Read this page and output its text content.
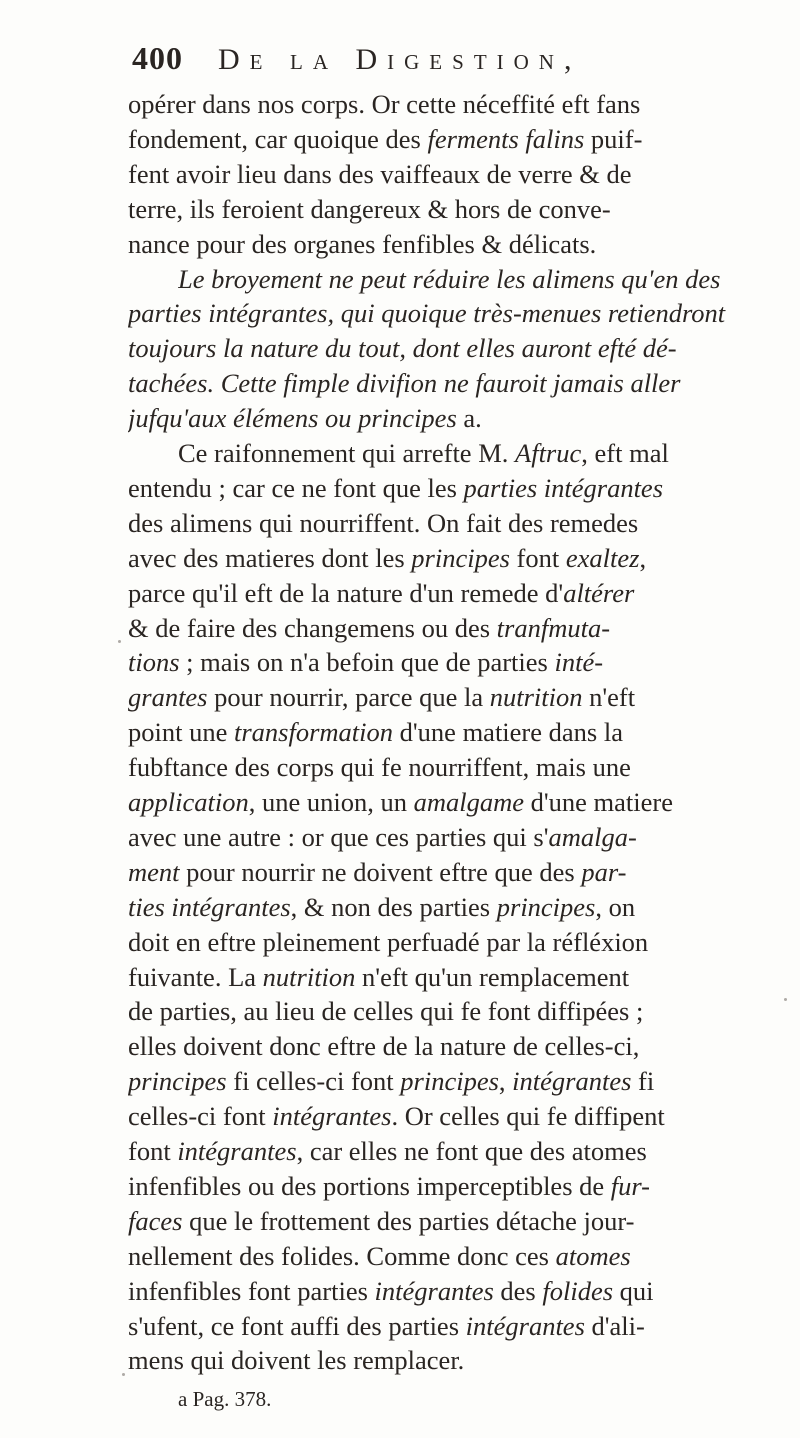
400 De la Digestion,
opérer dans nos corps. Or cette néceffité eft fans
fondement, car quoique des ferments falins puif-
fent avoir lieu dans des vaiffeaux de verre & de
terre, ils feroient dangereux & hors de conve-
nance pour des organes fenfibles & délicats.
Le broyement ne peut réduire les alimens qu'en des
parties intégrantes, qui quoique très-menues retiendront
toujours la nature du tout, dont elles auront efté dé-
tachées. Cette fimple divifion ne fauroit jamais aller
jufqu'aux élémens ou principes a.
Ce raifonnement qui arrefte M. Aftruc, eft mal
entendu ; car ce ne font que les parties intégrantes
des alimens qui nourriffent. On fait des remedes
avec des matieres dont les principes font exaltez,
parce qu'il eft de la nature d'un remede d'altérer
& de faire des changemens ou des tranfmuta-
tions ; mais on n'a befoin que de parties inté-
grantes pour nourrir, parce que la nutrition n'eft
point une transformation d'une matiere dans la
fubftance des corps qui fe nourriffent, mais une
application, une union, un amalgame d'une matiere
avec une autre : or que ces parties qui s'amalga-
ment pour nourrir ne doivent eftre que des par-
ties intégrantes, & non des parties principes, on
doit en eftre pleinement perfuadé par la réfléxion
fuivante. La nutrition n'eft qu'un remplacement
de parties, au lieu de celles qui fe font diffipées ;
elles doivent donc eftre de la nature de celles-ci,
principes fi celles-ci font principes, intégrantes fi
celles-ci font intégrantes. Or celles qui fe diffipent
font intégrantes, car elles ne font que des atomes
infenfibles ou des portions imperceptibles de fur-
faces que le frottement des parties détache jour-
nellement des folides. Comme donc ces atomes
infenfibles font parties intégrantes des folides qui
s'ufent, ce font auffi des parties intégrantes d'ali-
mens qui doivent les remplacer.
a Pag. 378.
